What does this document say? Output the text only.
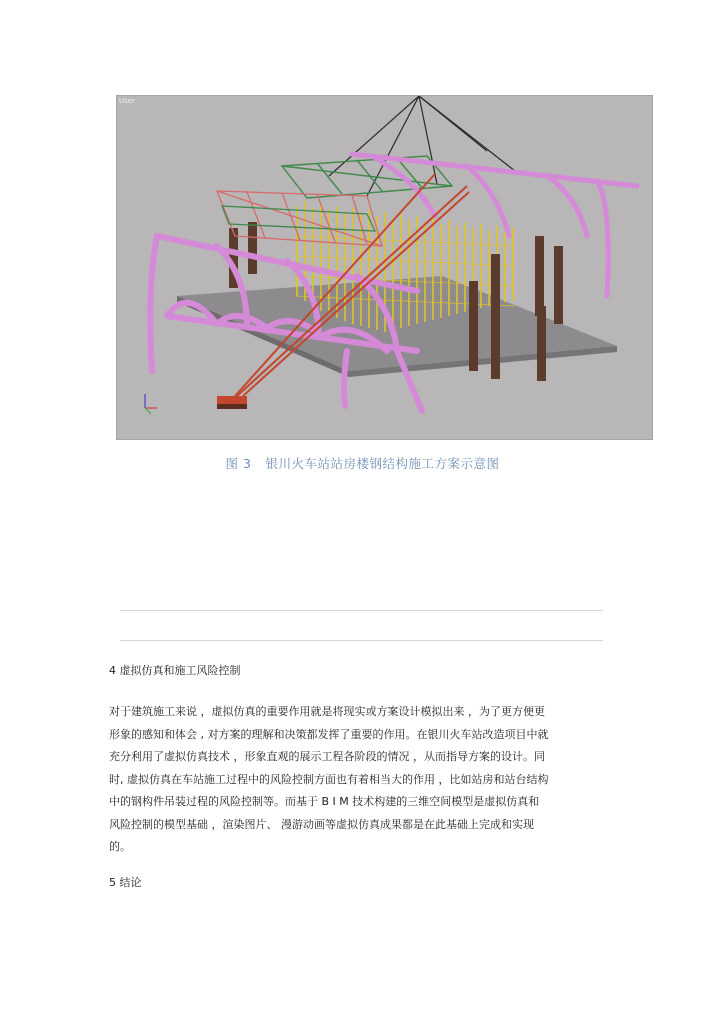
User
图 3 银川火车站站房楼钢结构施工方案示意图
4 虚拟仿真和施工风险控制
对于建筑施工来说 ，虚拟仿真的重要作用就是将现实或方案设计模拟出来 ，为了更方便更
形象的感知和体会 , 对方案的理解和决策都发挥了重要的作用。在银川火车站改造项目中就
充分利用了虚拟仿真技术 ，形象直观的展示工程各阶段的情况 ，从而指导方案的设计。同
时, 虚拟仿真在车站施工过程中的风险控制方面也有着相当大的作用 ，比如站房和站台结构
中的钢构件吊装过程的风险控制等。而基于 B I M 技术构建的三维空间模型是虚拟仿真和
风险控制的模型基础 ，渲染图片、 漫游动画等虚拟仿真成果都是在此基础上完成和实现
的。
5 结论
